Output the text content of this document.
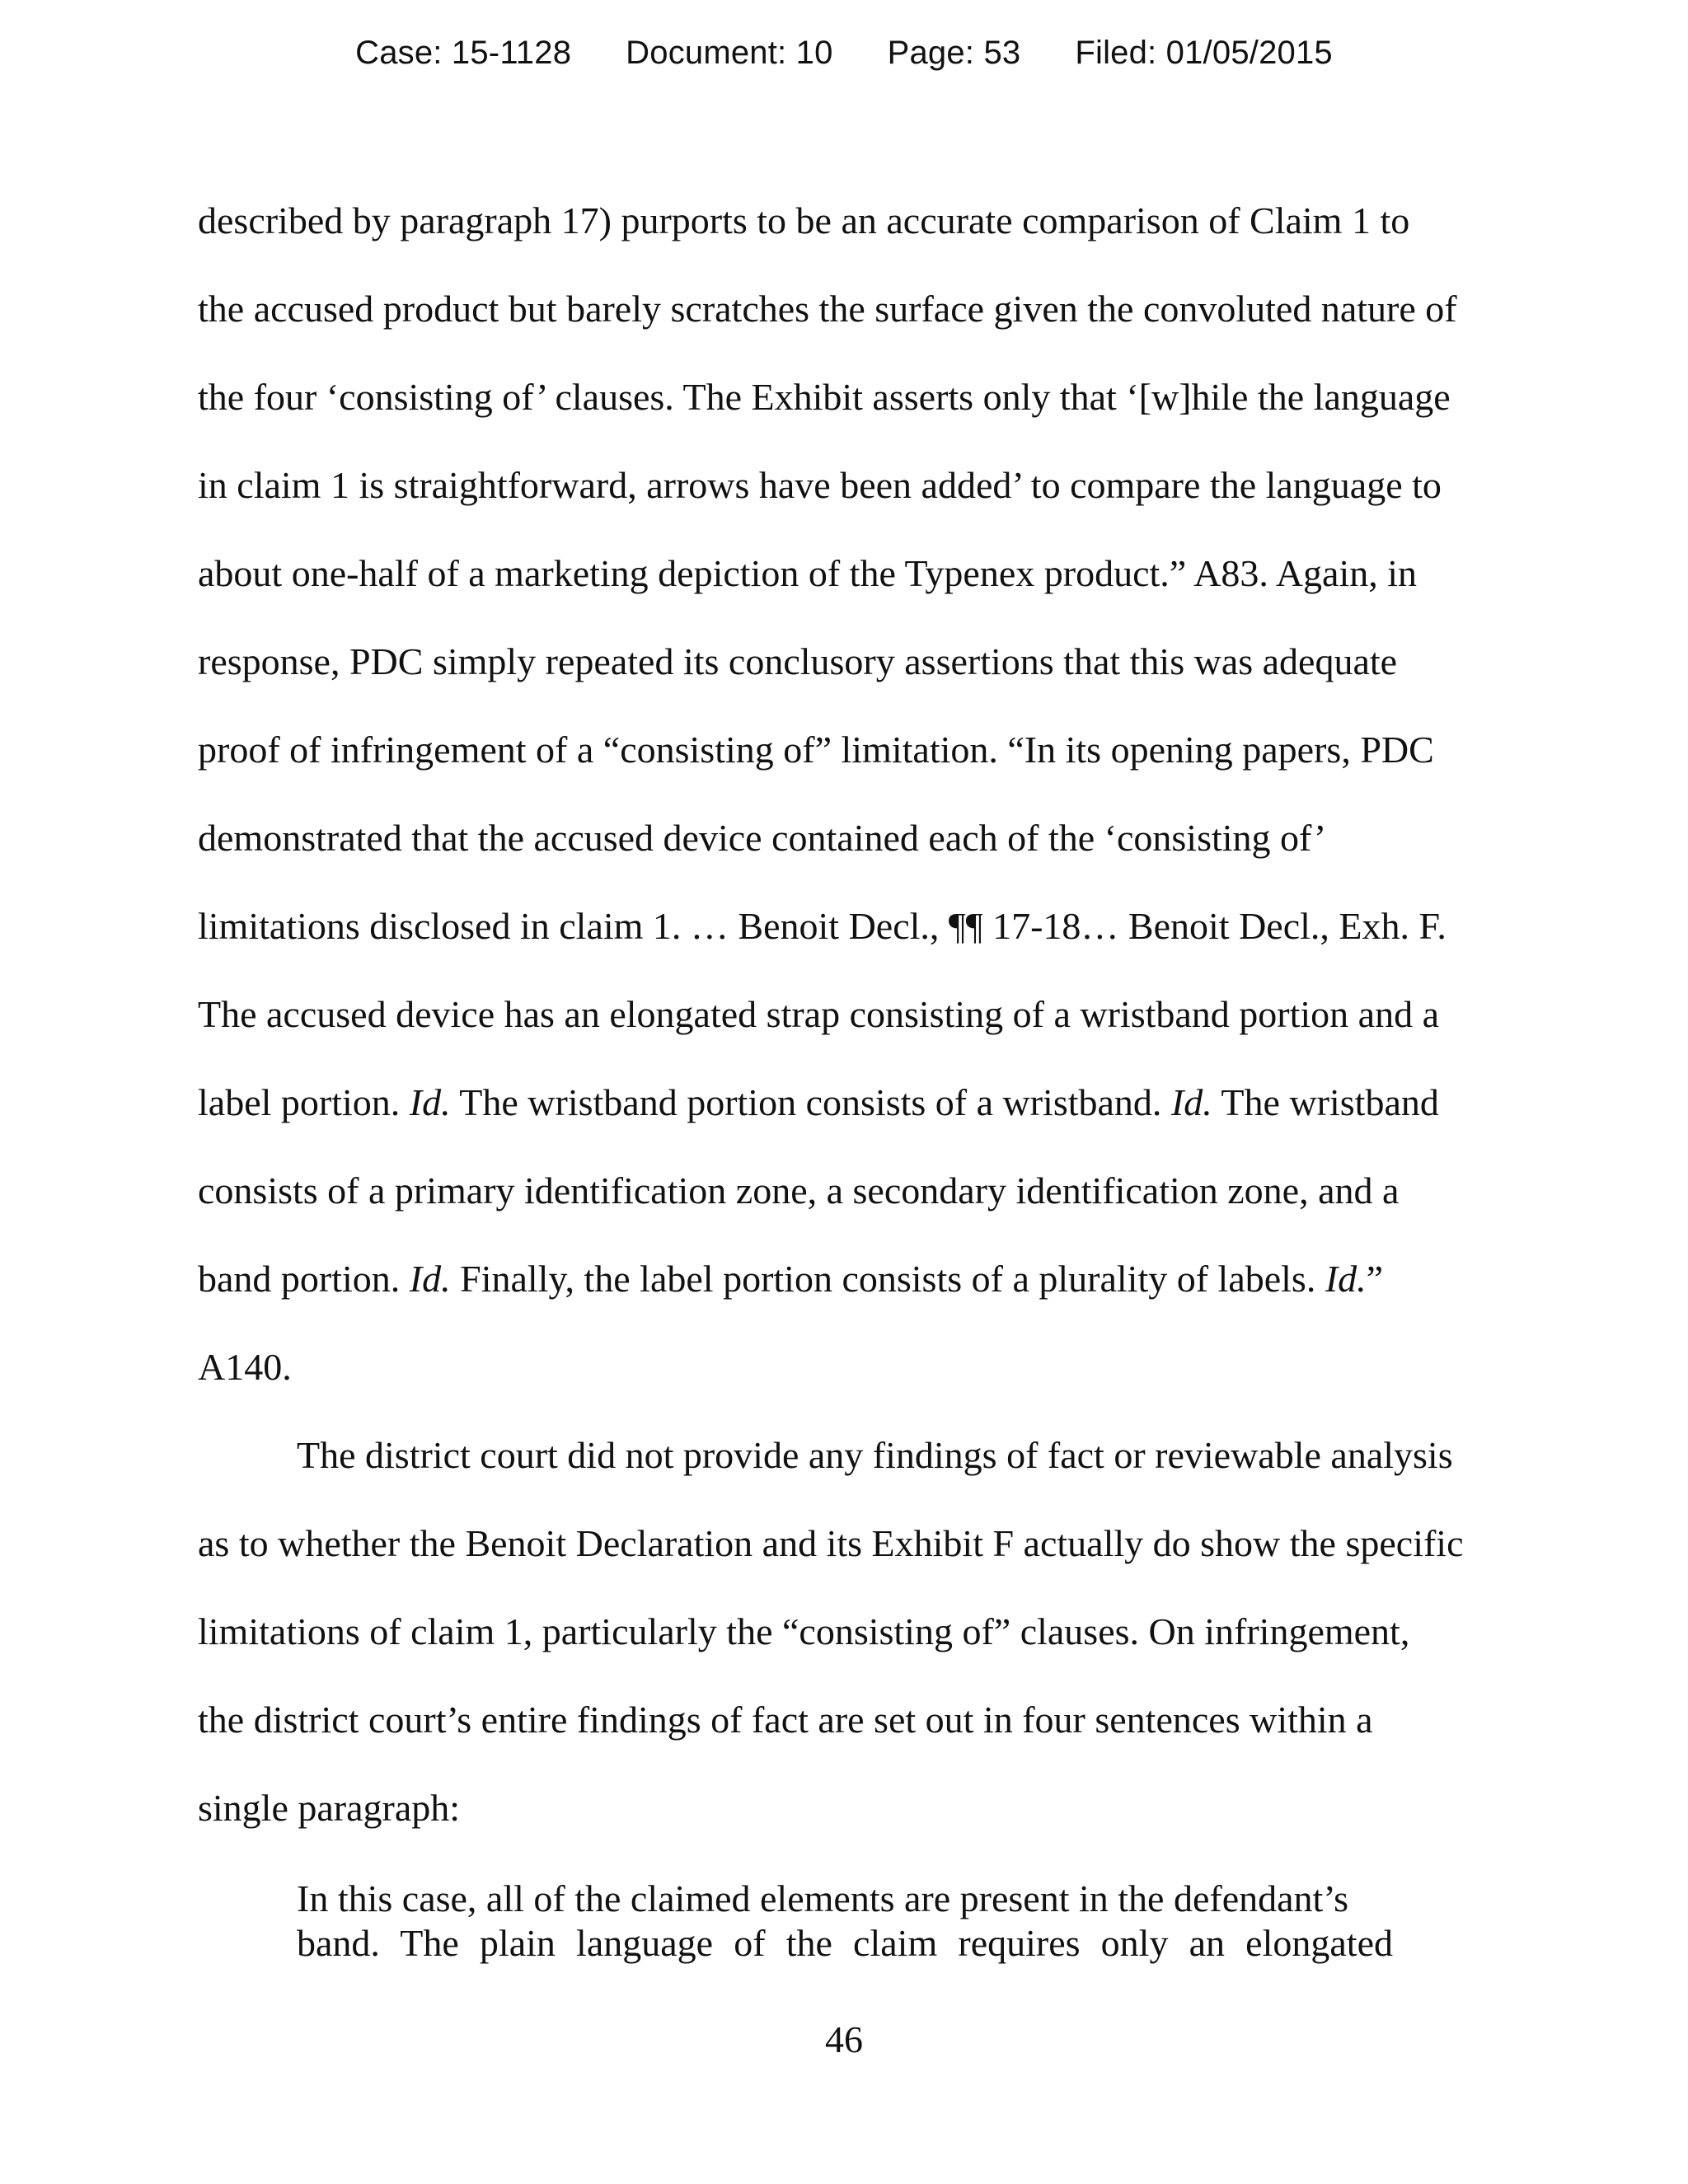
Case: 15-1128 Document: 10 Page: 53 Filed: 01/05/2015
described by paragraph 17) purports to be an accurate comparison of Claim 1 to
the accused product but barely scratches the surface given the convoluted nature of
the four ‘consisting of’ clauses. The Exhibit asserts only that ‘[w]hile the language
in claim 1 is straightforward, arrows have been added’ to compare the language to
about one-half of a marketing depiction of the Typenex product.” A83. Again, in
response, PDC simply repeated its conclusory assertions that this was adequate
proof of infringement of a “consisting of” limitation. “In its opening papers, PDC
demonstrated that the accused device contained each of the ‘consisting of’
limitations disclosed in claim 1. … Benoit Decl., ¶¶ 17-18… Benoit Decl., Exh. F.
The accused device has an elongated strap consisting of a wristband portion and a
label portion. Id. The wristband portion consists of a wristband. Id. The wristband
consists of a primary identification zone, a secondary identification zone, and a
band portion. Id. Finally, the label portion consists of a plurality of labels. Id.”
A140.
The district court did not provide any findings of fact or reviewable analysis
as to whether the Benoit Declaration and its Exhibit F actually do show the specific
limitations of claim 1, particularly the “consisting of” clauses. On infringement,
the district court’s entire findings of fact are set out in four sentences within a
single paragraph:
In this case, all of the claimed elements are present in the defendant’s
band. The plain language of the claim requires only an elongated
46
